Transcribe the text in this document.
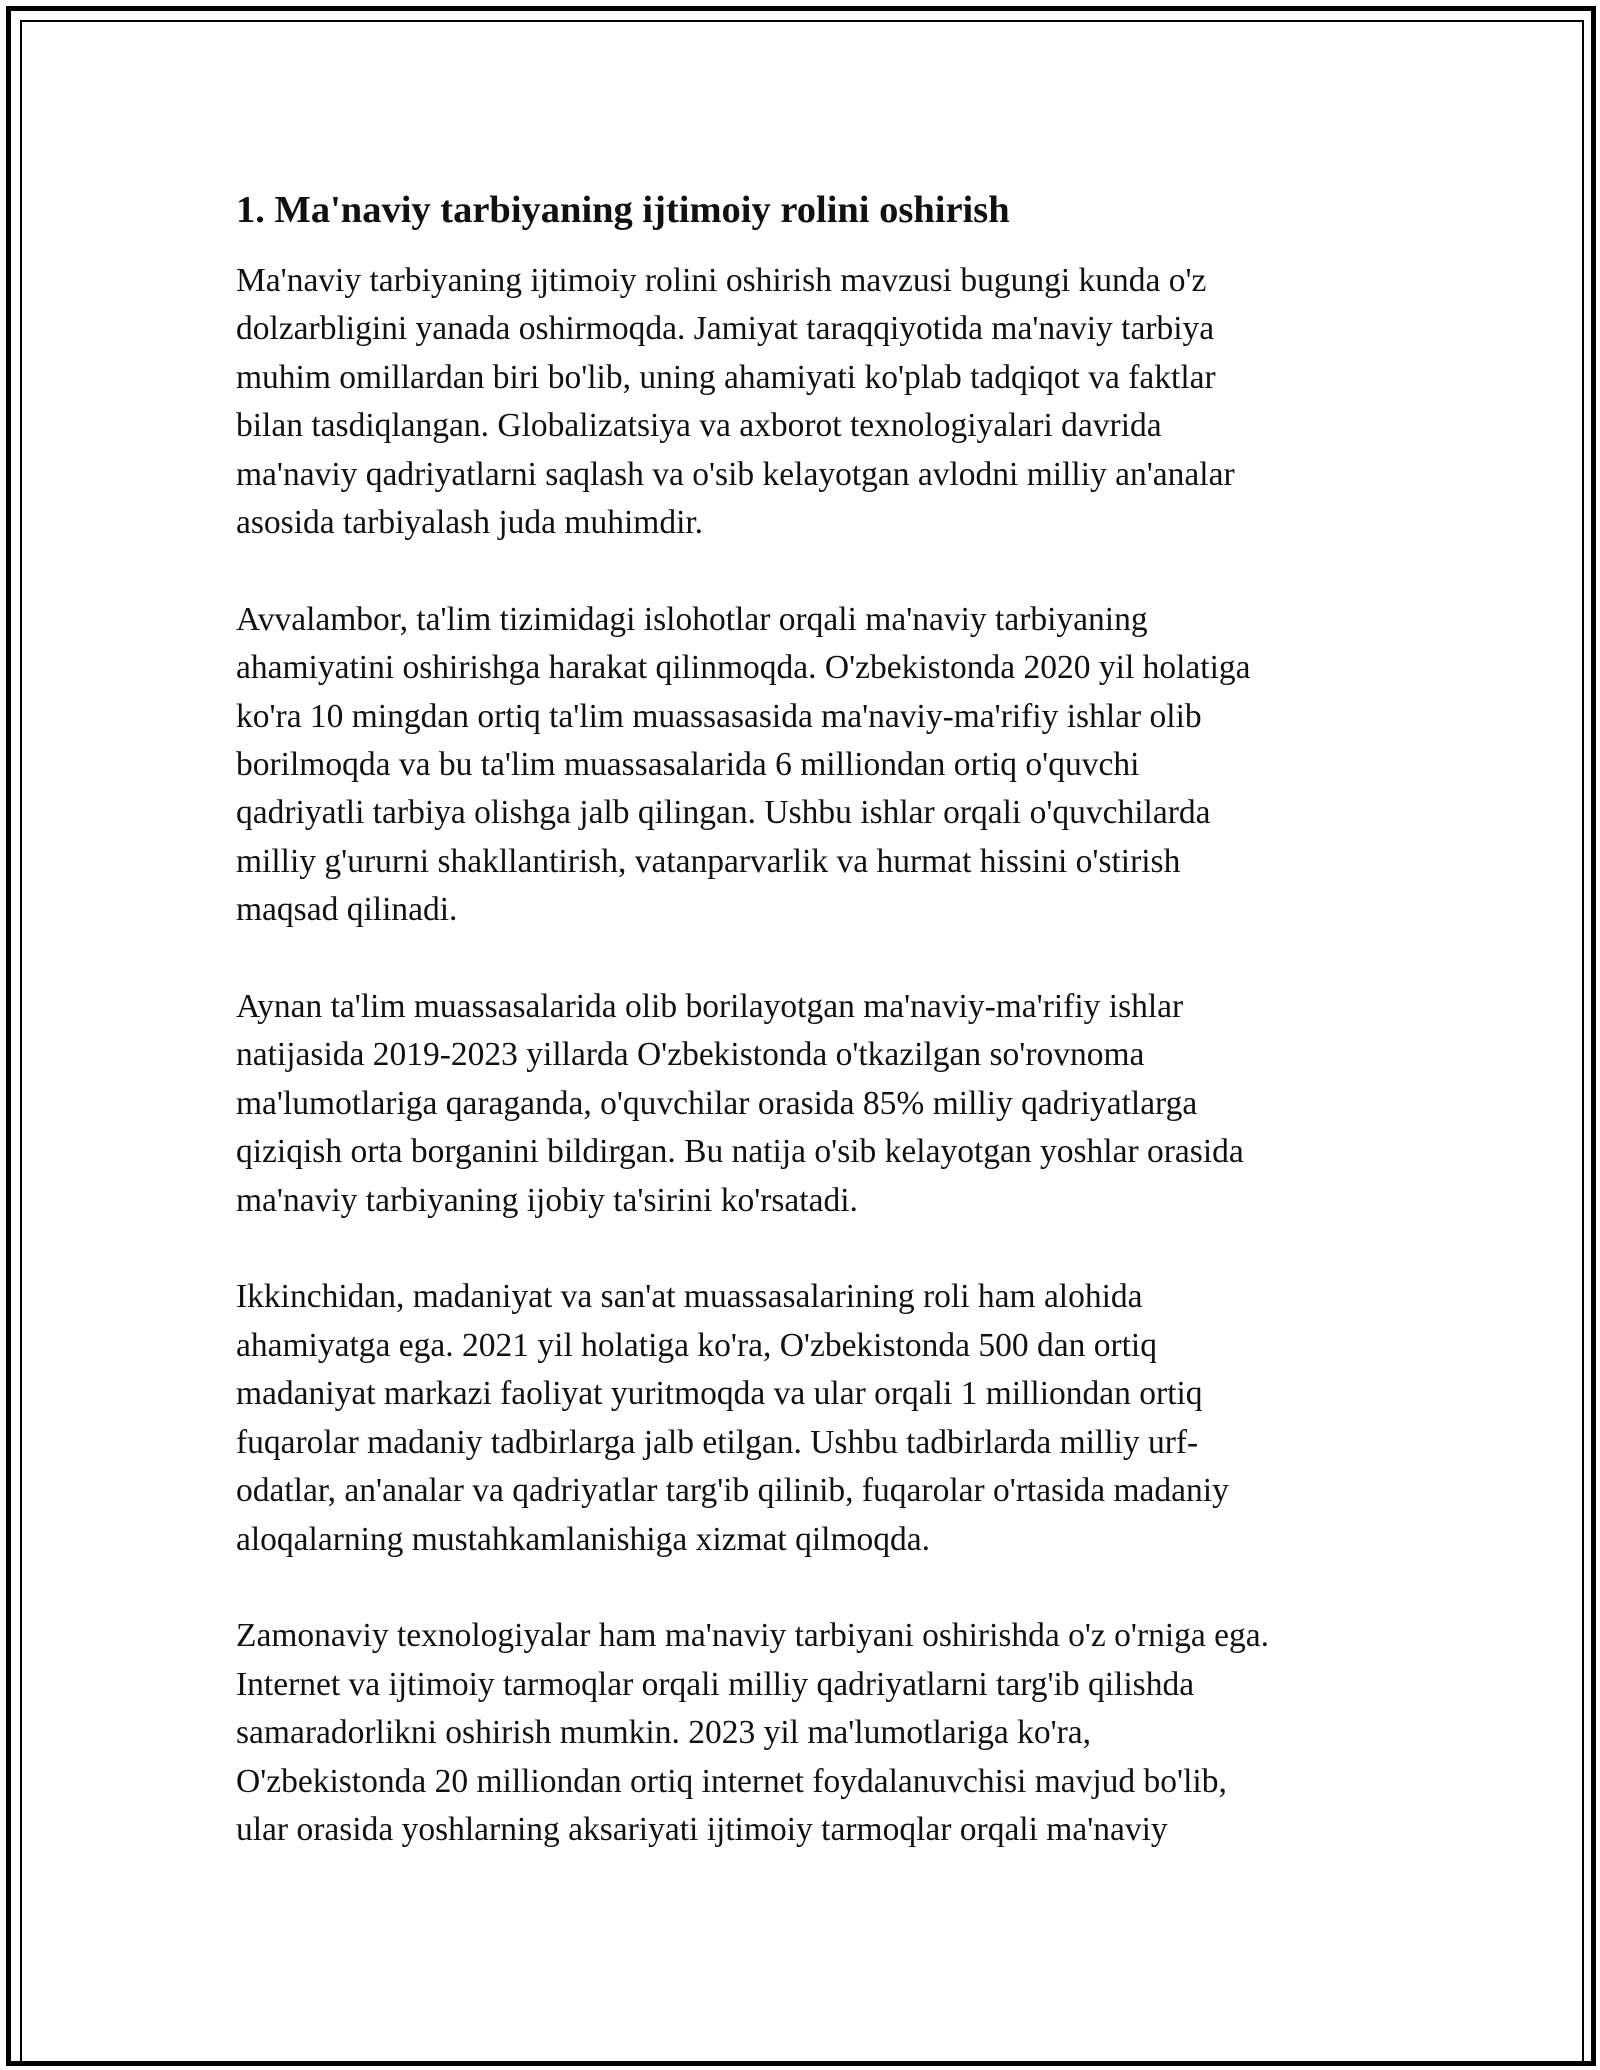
1. Ma'naviy tarbiyaning ijtimoiy rolini oshirish

Ma'naviy tarbiyaning ijtimoiy rolini oshirish mavzusi bugungi kunda o'z
dolzarbligini yanada oshirmoqda. Jamiyat taraqqiyotida ma'naviy tarbiya
muhim omillardan biri bo'lib, uning ahamiyati ko'plab tadqiqot va faktlar
bilan tasdiqlangan. Globalizatsiya va axborot texnologiyalari davrida
ma'naviy qadriyatlarni saqlash va o'sib kelayotgan avlodni milliy an'analar
asosida tarbiyalash juda muhimdir.

Avvalambor, ta'lim tizimidagi islohotlar orqali ma'naviy tarbiyaning
ahamiyatini oshirishga harakat qilinmoqda. O'zbekistonda 2020 yil holatiga
ko'ra 10 mingdan ortiq ta'lim muassasasida ma'naviy-ma'rifiy ishlar olib
borilmoqda va bu ta'lim muassasalarida 6 milliondan ortiq o'quvchi
qadriyatli tarbiya olishga jalb qilingan. Ushbu ishlar orqali o'quvchilarda
milliy g'ururni shakllantirish, vatanparvarlik va hurmat hissini o'stirish
maqsad qilinadi.

Aynan ta'lim muassasalarida olib borilayotgan ma'naviy-ma'rifiy ishlar
natijasida 2019-2023 yillarda O'zbekistonda o'tkazilgan so'rovnoma
ma'lumotlariga qaraganda, o'quvchilar orasida 85% milliy qadriyatlarga
qiziqish orta borganini bildirgan. Bu natija o'sib kelayotgan yoshlar orasida
ma'naviy tarbiyaning ijobiy ta'sirini ko'rsatadi.

Ikkinchidan, madaniyat va san'at muassasalarining roli ham alohida
ahamiyatga ega. 2021 yil holatiga ko'ra, O'zbekistonda 500 dan ortiq
madaniyat markazi faoliyat yuritmoqda va ular orqali 1 milliondan ortiq
fuqarolar madaniy tadbirlarga jalb etilgan. Ushbu tadbirlarda milliy urf-
odatlar, an'analar va qadriyatlar targ'ib qilinib, fuqarolar o'rtasida madaniy
aloqalarning mustahkamlanishiga xizmat qilmoqda.

Zamonaviy texnologiyalar ham ma'naviy tarbiyani oshirishda o'z o'rniga ega.
Internet va ijtimoiy tarmoqlar orqali milliy qadriyatlarni targ'ib qilishda
samaradorlikni oshirish mumkin. 2023 yil ma'lumotlariga ko'ra,
O'zbekistonda 20 milliondan ortiq internet foydalanuvchisi mavjud bo'lib,
ular orasida yoshlarning aksariyati ijtimoiy tarmoqlar orqali ma'naviy
